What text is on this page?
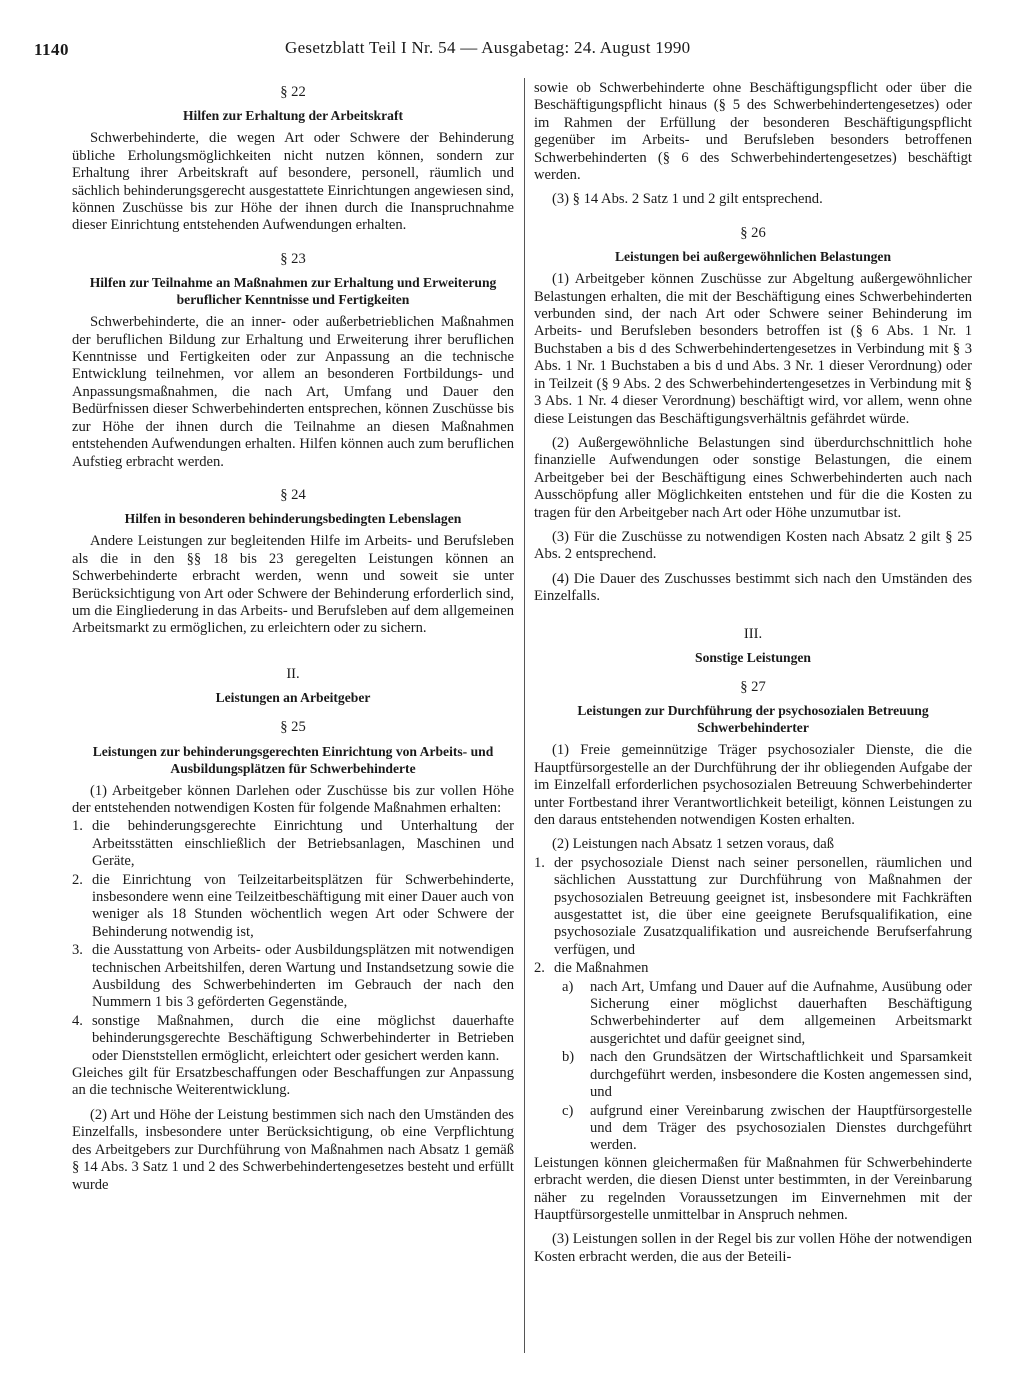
1140	Gesetzblatt Teil I Nr. 54 — Ausgabetag: 24. August 1990

§ 22

Hilfen zur Erhaltung der Arbeitskraft

Schwerbehinderte, die wegen Art oder Schwere der Behinderung übliche Erholungsmöglichkeiten nicht nutzen können, sondern zur Erhaltung ihrer Arbeitskraft auf besondere, personell, räumlich und sächlich behinderungsgerecht ausgestattete Einrichtungen angewiesen sind, können Zuschüsse bis zur Höhe der ihnen durch die Inanspruchnahme dieser Einrichtung entstehenden Aufwendungen erhalten.

§ 23

Hilfen zur Teilnahme an Maßnahmen zur Erhaltung und Erweiterung beruflicher Kenntnisse und Fertigkeiten

Schwerbehinderte, die an inner- oder außerbetrieblichen Maßnahmen der beruflichen Bildung zur Erhaltung und Erweiterung ihrer beruflichen Kenntnisse und Fertigkeiten oder zur Anpassung an die technische Entwicklung teilnehmen, vor allem an besonderen Fortbildungs- und Anpassungsmaßnahmen, die nach Art, Umfang und Dauer den Bedürfnissen dieser Schwerbehinderten entsprechen, können Zuschüsse bis zur Höhe der ihnen durch die Teilnahme an diesen Maßnahmen entstehenden Aufwendungen erhalten. Hilfen können auch zum beruflichen Aufstieg erbracht werden.

§ 24

Hilfen in besonderen behinderungsbedingten Lebenslagen

Andere Leistungen zur begleitenden Hilfe im Arbeits- und Berufsleben als die in den §§ 18 bis 23 geregelten Leistungen können an Schwerbehinderte erbracht werden, wenn und soweit sie unter Berücksichtigung von Art oder Schwere der Behinderung erforderlich sind, um die Eingliederung in das Arbeits- und Berufsleben auf dem allgemeinen Arbeitsmarkt zu ermöglichen, zu erleichtern oder zu sichern.

II.

Leistungen an Arbeitgeber

§ 25

Leistungen zur behinderungsgerechten Einrichtung von Arbeits- und Ausbildungsplätzen für Schwerbehinderte

(1) Arbeitgeber können Darlehen oder Zuschüsse bis zur vollen Höhe der entstehenden notwendigen Kosten für folgende Maßnahmen erhalten:

1. die behinderungsgerechte Einrichtung und Unterhaltung der Arbeitsstätten einschließlich der Betriebsanlagen, Maschinen und Geräte,
2. die Einrichtung von Teilzeitarbeitsplätzen für Schwerbehinderte, insbesondere wenn eine Teilzeitbeschäftigung mit einer Dauer auch von weniger als 18 Stunden wöchentlich wegen Art oder Schwere der Behinderung notwendig ist,
3. die Ausstattung von Arbeits- oder Ausbildungsplätzen mit notwendigen technischen Arbeitshilfen, deren Wartung und Instandsetzung sowie die Ausbildung des Schwerbehinderten im Gebrauch der nach den Nummern 1 bis 3 geförderten Gegenstände,
4. sonstige Maßnahmen, durch die eine möglichst dauerhafte behinderungsgerechte Beschäftigung Schwerbehinderter in Betrieben oder Dienststellen ermöglicht, erleichtert oder gesichert werden kann.

Gleiches gilt für Ersatzbeschaffungen oder Beschaffungen zur Anpassung an die technische Weiterentwicklung.

(2) Art und Höhe der Leistung bestimmen sich nach den Umständen des Einzelfalls, insbesondere unter Berücksichtigung, ob eine Verpflichtung des Arbeitgebers zur Durchführung von Maßnahmen nach Absatz 1 gemäß § 14 Abs. 3 Satz 1 und 2 des Schwerbehindertengesetzes besteht und erfüllt wurde

sowie ob Schwerbehinderte ohne Beschäftigungspflicht oder über die Beschäftigungspflicht hinaus (§ 5 des Schwerbehindertengesetzes) oder im Rahmen der Erfüllung der besonderen Beschäftigungspflicht gegenüber im Arbeits- und Berufsleben besonders betroffenen Schwerbehinderten (§ 6 des Schwerbehindertengesetzes) beschäftigt werden.

(3) § 14 Abs. 2 Satz 1 und 2 gilt entsprechend.

§ 26

Leistungen bei außergewöhnlichen Belastungen

(1) Arbeitgeber können Zuschüsse zur Abgeltung außergewöhnlicher Belastungen erhalten, die mit der Beschäftigung eines Schwerbehinderten verbunden sind, der nach Art oder Schwere seiner Behinderung im Arbeits- und Berufsleben besonders betroffen ist (§ 6 Abs. 1 Nr. 1 Buchstaben a bis d des Schwerbehindertengesetzes in Verbindung mit § 3 Abs. 1 Nr. 1 Buchstaben a bis d und Abs. 3 Nr. 1 dieser Verordnung) oder in Teilzeit (§ 9 Abs. 2 des Schwerbehindertengesetzes in Verbindung mit § 3 Abs. 1 Nr. 4 dieser Verordnung) beschäftigt wird, vor allem, wenn ohne diese Leistungen das Beschäftigungsverhältnis gefährdet würde.

(2) Außergewöhnliche Belastungen sind überdurchschnittlich hohe finanzielle Aufwendungen oder sonstige Belastungen, die einem Arbeitgeber bei der Beschäftigung eines Schwerbehinderten auch nach Ausschöpfung aller Möglichkeiten entstehen und für die die Kosten zu tragen für den Arbeitgeber nach Art oder Höhe unzumutbar ist.

(3) Für die Zuschüsse zu notwendigen Kosten nach Absatz 2 gilt § 25 Abs. 2 entsprechend.

(4) Die Dauer des Zuschusses bestimmt sich nach den Umständen des Einzelfalls.

III.

Sonstige Leistungen

§ 27

Leistungen zur Durchführung der psychosozialen Betreuung Schwerbehinderter

(1) Freie gemeinnützige Träger psychosozialer Dienste, die die Hauptfürsorgestelle an der Durchführung der ihr obliegenden Aufgabe der im Einzelfall erforderlichen psychosozialen Betreuung Schwerbehinderter unter Fortbestand ihrer Verantwortlichkeit beteiligt, können Leistungen zu den daraus entstehenden notwendigen Kosten erhalten.

(2) Leistungen nach Absatz 1 setzen voraus, daß

1. der psychosoziale Dienst nach seiner personellen, räumlichen und sächlichen Ausstattung zur Durchführung von Maßnahmen der psychosozialen Betreuung geeignet ist, insbesondere mit Fachkräften ausgestattet ist, die über eine geeignete Berufsqualifikation, eine psychosoziale Zusatzqualifikation und ausreichende Berufserfahrung verfügen, und
2. die Maßnahmen
a)	nach Art, Umfang und Dauer auf die Aufnahme, Ausübung oder Sicherung einer möglichst dauerhaften Beschäftigung Schwerbehinderter auf dem allgemeinen Arbeitsmarkt ausgerichtet und dafür geeignet sind,
b)	nach den Grundsätzen der Wirtschaftlichkeit und Sparsamkeit durchgeführt werden, insbesondere die Kosten angemessen sind, und
c)	aufgrund einer Vereinbarung zwischen der Hauptfürsorgestelle und dem Träger des psychosozialen Dienstes durchgeführt werden.

Leistungen können gleichermaßen für Maßnahmen für Schwerbehinderte erbracht werden, die diesen Dienst unter bestimmten, in der Vereinbarung näher zu regelnden Voraussetzungen im Einvernehmen mit der Hauptfürsorgestelle unmittelbar in Anspruch nehmen.

(3) Leistungen sollen in der Regel bis zur vollen Höhe der notwendigen Kosten erbracht werden, die aus der Beteili-
